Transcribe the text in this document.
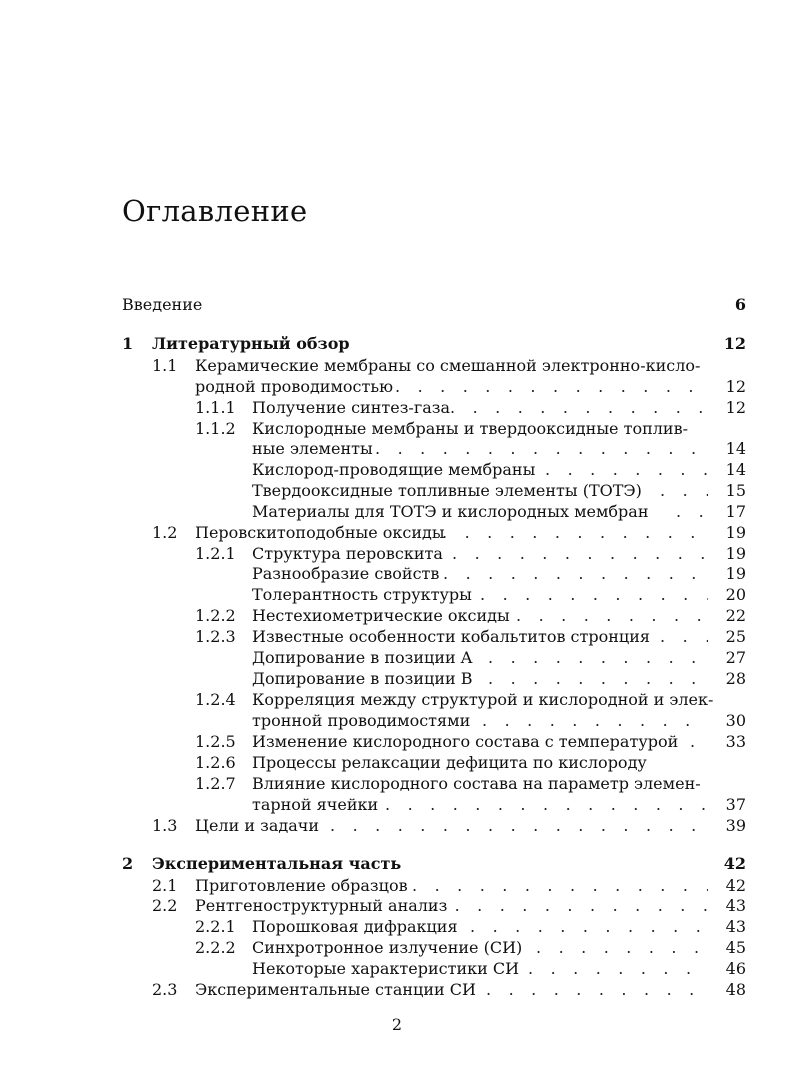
Оглавление
Введение	6
1 Литературный обзор	12
1.1 Керамические мембраны со смешанной электронно-кисло-
родной проводимостью . . .	12
1.1.1 Получение синтез-газа . . .	12
1.1.2 Кислородные мембраны и твердооксидные топлив-
ные элементы . . .	14
Кислород-проводящие мембраны . . .	14
Твердооксидные топливные элементы (ТОТЭ) . . .	15
Материалы для ТОТЭ и кислородных мембран . . .	17
1.2 Перовскитоподобные оксиды . . .	19
1.2.1 Структура перовскита . . .	19
Разнообразие свойств . . .	19
Толерантность структуры . . .	20
1.2.2 Нестехиометрические оксиды . . .	22
1.2.3 Известные особенности кобальтитов стронция . . .	25
Допирование в позиции A . . .	27
Допирование в позиции B . . .	28
1.2.4 Корреляция между структурой и кислородной и элек-
тронной проводимостями . . .	30
1.2.5 Изменение кислородного состава с температурой . . .	33
1.2.6 Процессы релаксации дефицита по кислороду
1.2.7 Влияние кислородного состава на параметр элемен-
тарной ячейки . . .	37
1.3 Цели и задачи . . .	39
2 Экспериментальная часть	42
2.1 Приготовление образцов . . .	42
2.2 Рентгеноструктурный анализ . . .	43
2.2.1 Порошковая дифракция . . .	43
2.2.2 Синхротронное излучение (СИ) . . .	45
Некоторые характеристики СИ . . .	46
2.3 Экспериментальные станции СИ . . .	48
2
